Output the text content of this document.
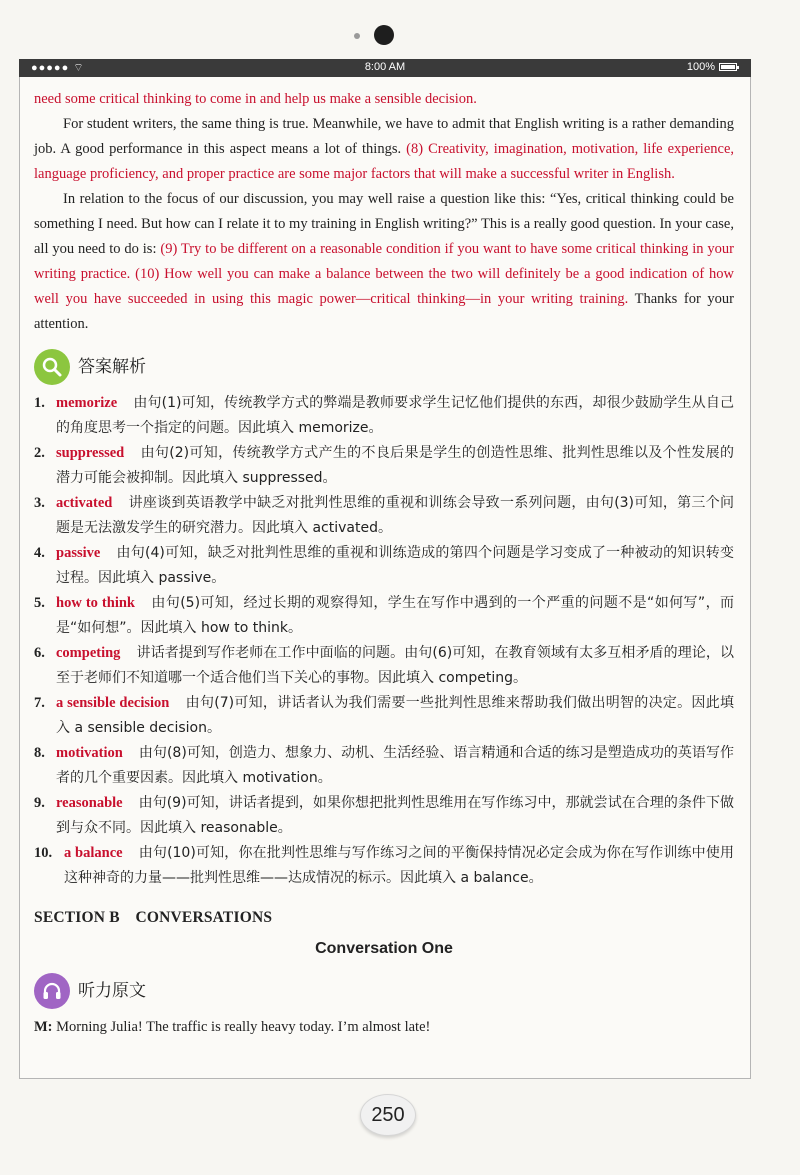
●●●●● ⌔	8:00 AM	100%

need some critical thinking to come in and help us make a sensible decision.

For student writers, the same thing is true. Meanwhile, we have to admit that English writing is a rather demanding job. A good performance in this aspect means a lot of things. (8) Creativity, imagination, motivation, life experience, language proficiency, and proper practice are some major factors that will make a successful writer in English.

In relation to the focus of our discussion, you may well raise a question like this: “Yes, critical thinking could be something I need. But how can I relate it to my training in English writing?” This is a really good question. In your case, all you need to do is: (9) Try to be different on a reasonable condition if you want to have some critical thinking in your writing practice. (10) How well you can make a balance between the two will definitely be a good indication of how well you have succeeded in using this magic power—critical thinking—in your writing training. Thanks for your attention.

答案解析
1. memorize 由句(1)可知，传统教学方式的弊端是教师要求学生记忆他们提供的东西，却很少鼓励学生从自己的角度思考一个指定的问题。因此填入 memorize。
2. suppressed 由句(2)可知，传统教学方式产生的不良后果是学生的创造性思维、批判性思维以及个性发展的潜力可能会被抑制。因此填入 suppressed。
3. activated 讲座谈到英语教学中缺乏对批判性思维的重视和训练会导致一系列问题，由句(3)可知，第三个问题是无法激发学生的研究潜力。因此填入 activated。
4. passive 由句(4)可知，缺乏对批判性思维的重视和训练造成的第四个问题是学习变成了一种被动的知识转变过程。因此填入 passive。
5. how to think 由句(5)可知，经过长期的观察得知，学生在写作中遇到的一个严重的问题不是“如何写”，而是“如何想”。因此填入 how to think。
6. competing 讲话者提到写作老师在工作中面临的问题。由句(6)可知，在教育领域有太多互相矛盾的理论，以至于老师们不知道哪一个适合他们当下关心的事物。因此填入 competing。
7. a sensible decision 由句(7)可知，讲话者认为我们需要一些批判性思维来帮助我们做出明智的决定。因此填入 a sensible decision。
8. motivation 由句(8)可知，创造力、想象力、动机、生活经验、语言精通和合适的练习是塑造成功的英语写作者的几个重要因素。因此填入 motivation。
9. reasonable 由句(9)可知，讲话者提到，如果你想把批判性思维用在写作练习中，那就尝试在合理的条件下做到与众不同。因此填入 reasonable。
10. a balance 由句(10)可知，你在批判性思维与写作练习之间的平衡保持情况必定会成为你在写作训练中使用这种神奇的力量——批判性思维——达成情况的标示。因此填入 a balance。
SECTION B　CONVERSATIONS
Conversation One
听力原文
M: Morning Julia! The traffic is really heavy today. I’m almost late!
250
